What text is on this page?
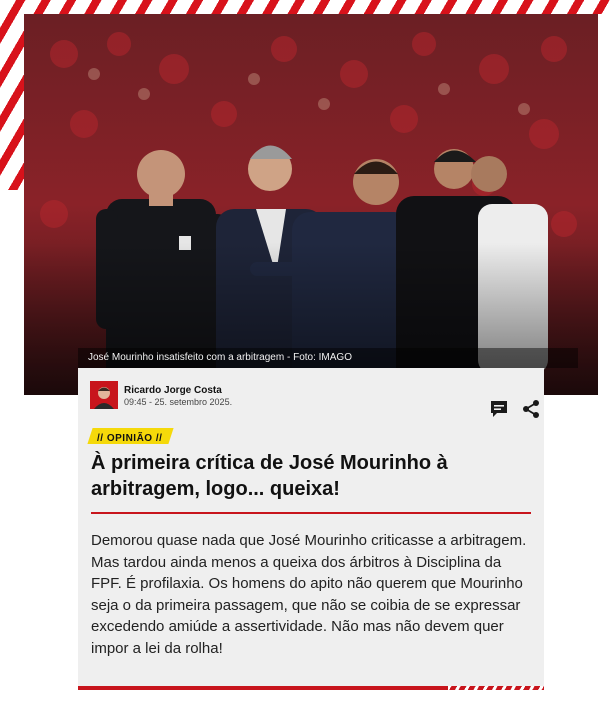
José Mourinho insatisfeito com a arbitragem - Foto: IMAGO
Ricardo Jorge Costa
09:45 - 25. setembro 2025.
// OPINIÃO //
À primeira crítica de José Mourinho à arbitragem, logo... queixa!

Demorou quase nada que José Mourinho criticasse a arbitragem. Mas tardou ainda menos a queixa dos árbitros à Disciplina da FPF. É profilaxia. Os homens do apito não querem que Mourinho seja o da primeira passagem, que não se coibia de se expressar excedendo amiúde a assertividade. Não mas não devem quer impor a lei da rolha!
